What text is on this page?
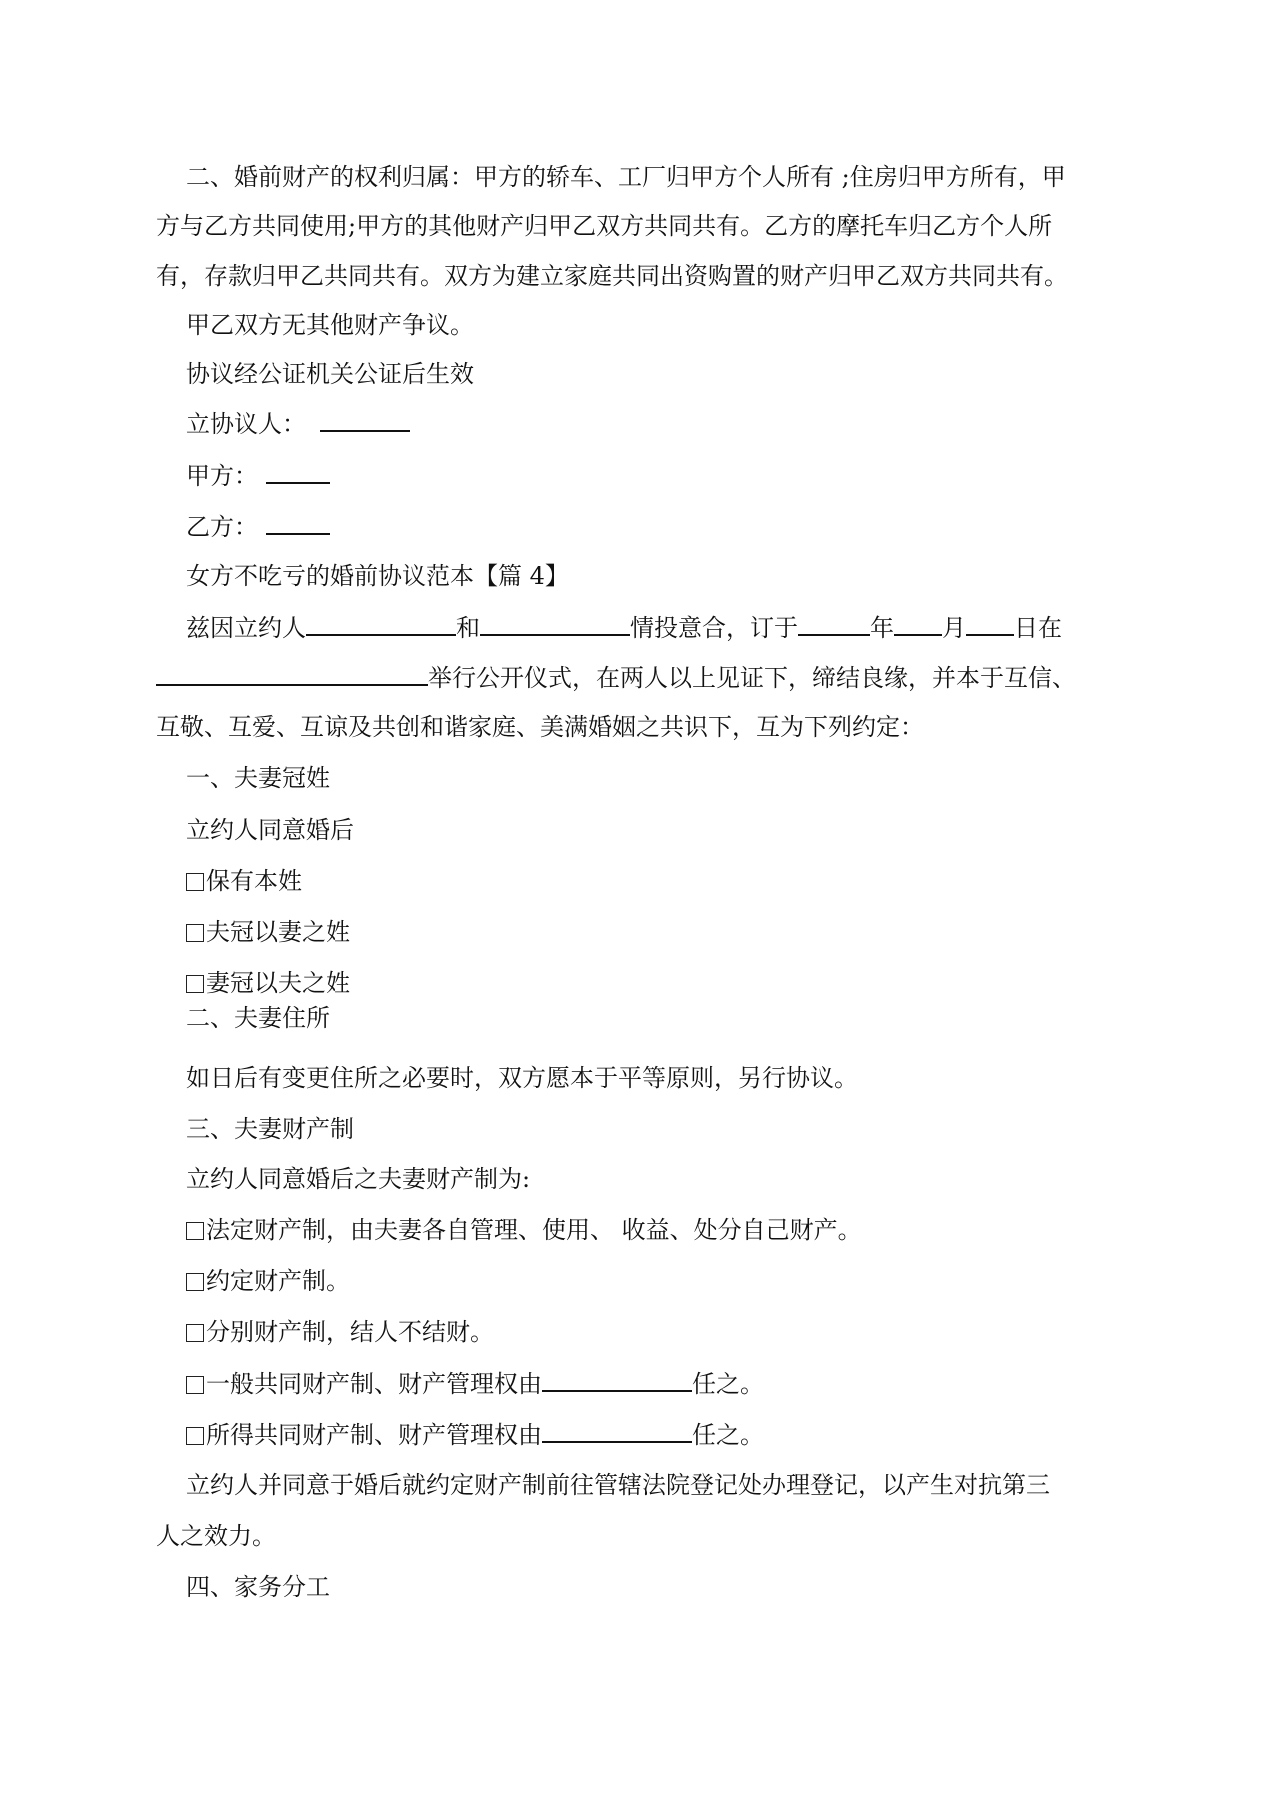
二、婚前财产的权利归属：甲方的轿车、工厂归甲方个人所有 ;住房归甲方所有，甲
方与乙方共同使用;甲方的其他财产归甲乙双方共同共有。乙方的摩托车归乙方个人所
有，存款归甲乙共同共有。双方为建立家庭共同出资购置的财产归甲乙双方共同共有。
甲乙双方无其他财产争议。
协议经公证机关公证后生效
立协议人：
甲方：
乙方：
女方不吃亏的婚前协议范本【篇 4】
兹因立约人	和	情投意合，订于	年 月 日在
举行公开仪式，在两人以上见证下，缔结良缘，并本于互信、
互敬、互爱、互谅及共创和谐家庭、美满婚姻之共识下，互为下列约定：
一、夫妻冠姓
立约人同意婚后
保有本姓
夫冠以妻之姓
妻冠以夫之姓
二、夫妻住所
如日后有变更住所之必要时，双方愿本于平等原则，另行协议。
三、夫妻财产制
立约人同意婚后之夫妻财产制为:
法定财产制，由夫妻各自管理、使用、 收益、处分自己财产。
约定财产制。
分别财产制，结人不结财。
一般共同财产制、财产管理权由	任之。
所得共同财产制、财产管理权由	任之。
立约人并同意于婚后就约定财产制前往管辖法院登记处办理登记，以产生对抗第三
人之效力。
四、家务分工
